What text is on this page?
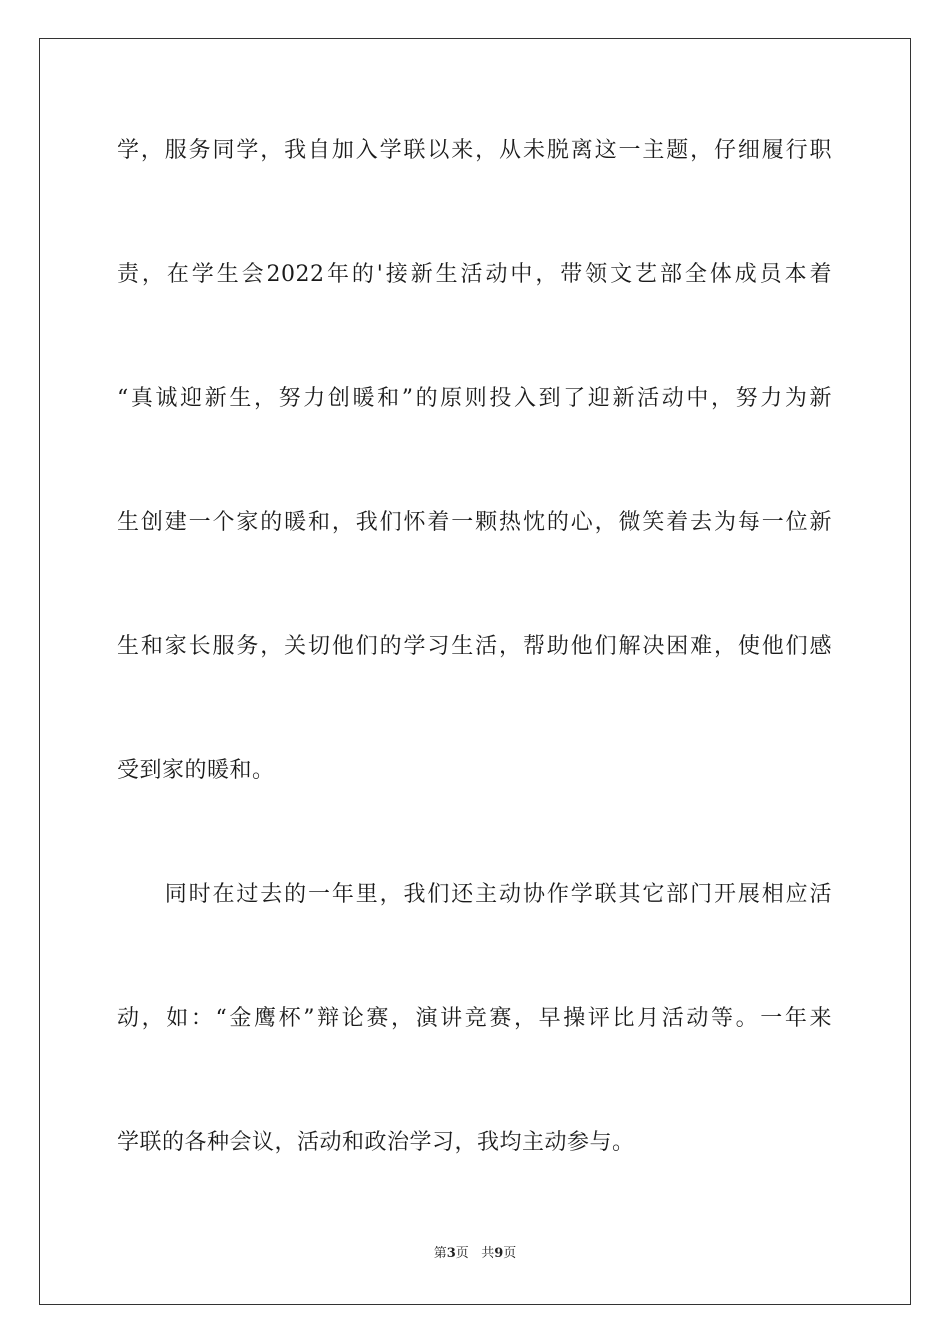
学，服务同学，我自加入学联以来，从未脱离这一主题，仔细履行职
责，在学生会2022年的'接新生活动中，带领文艺部全体成员本着
“真诚迎新生，努力创暖和”的原则投入到了迎新活动中，努力为新
生创建一个家的暖和，我们怀着一颗热忱的心，微笑着去为每一位新
生和家长服务，关切他们的学习生活，帮助他们解决困难，使他们感
受到家的暖和。
　　同时在过去的一年里，我们还主动协作学联其它部门开展相应活
动，如：“金鹰杯”辩论赛，演讲竞赛，早操评比月活动等。一年来
学联的各种会议，活动和政治学习，我均主动参与。
第3页 共9页
